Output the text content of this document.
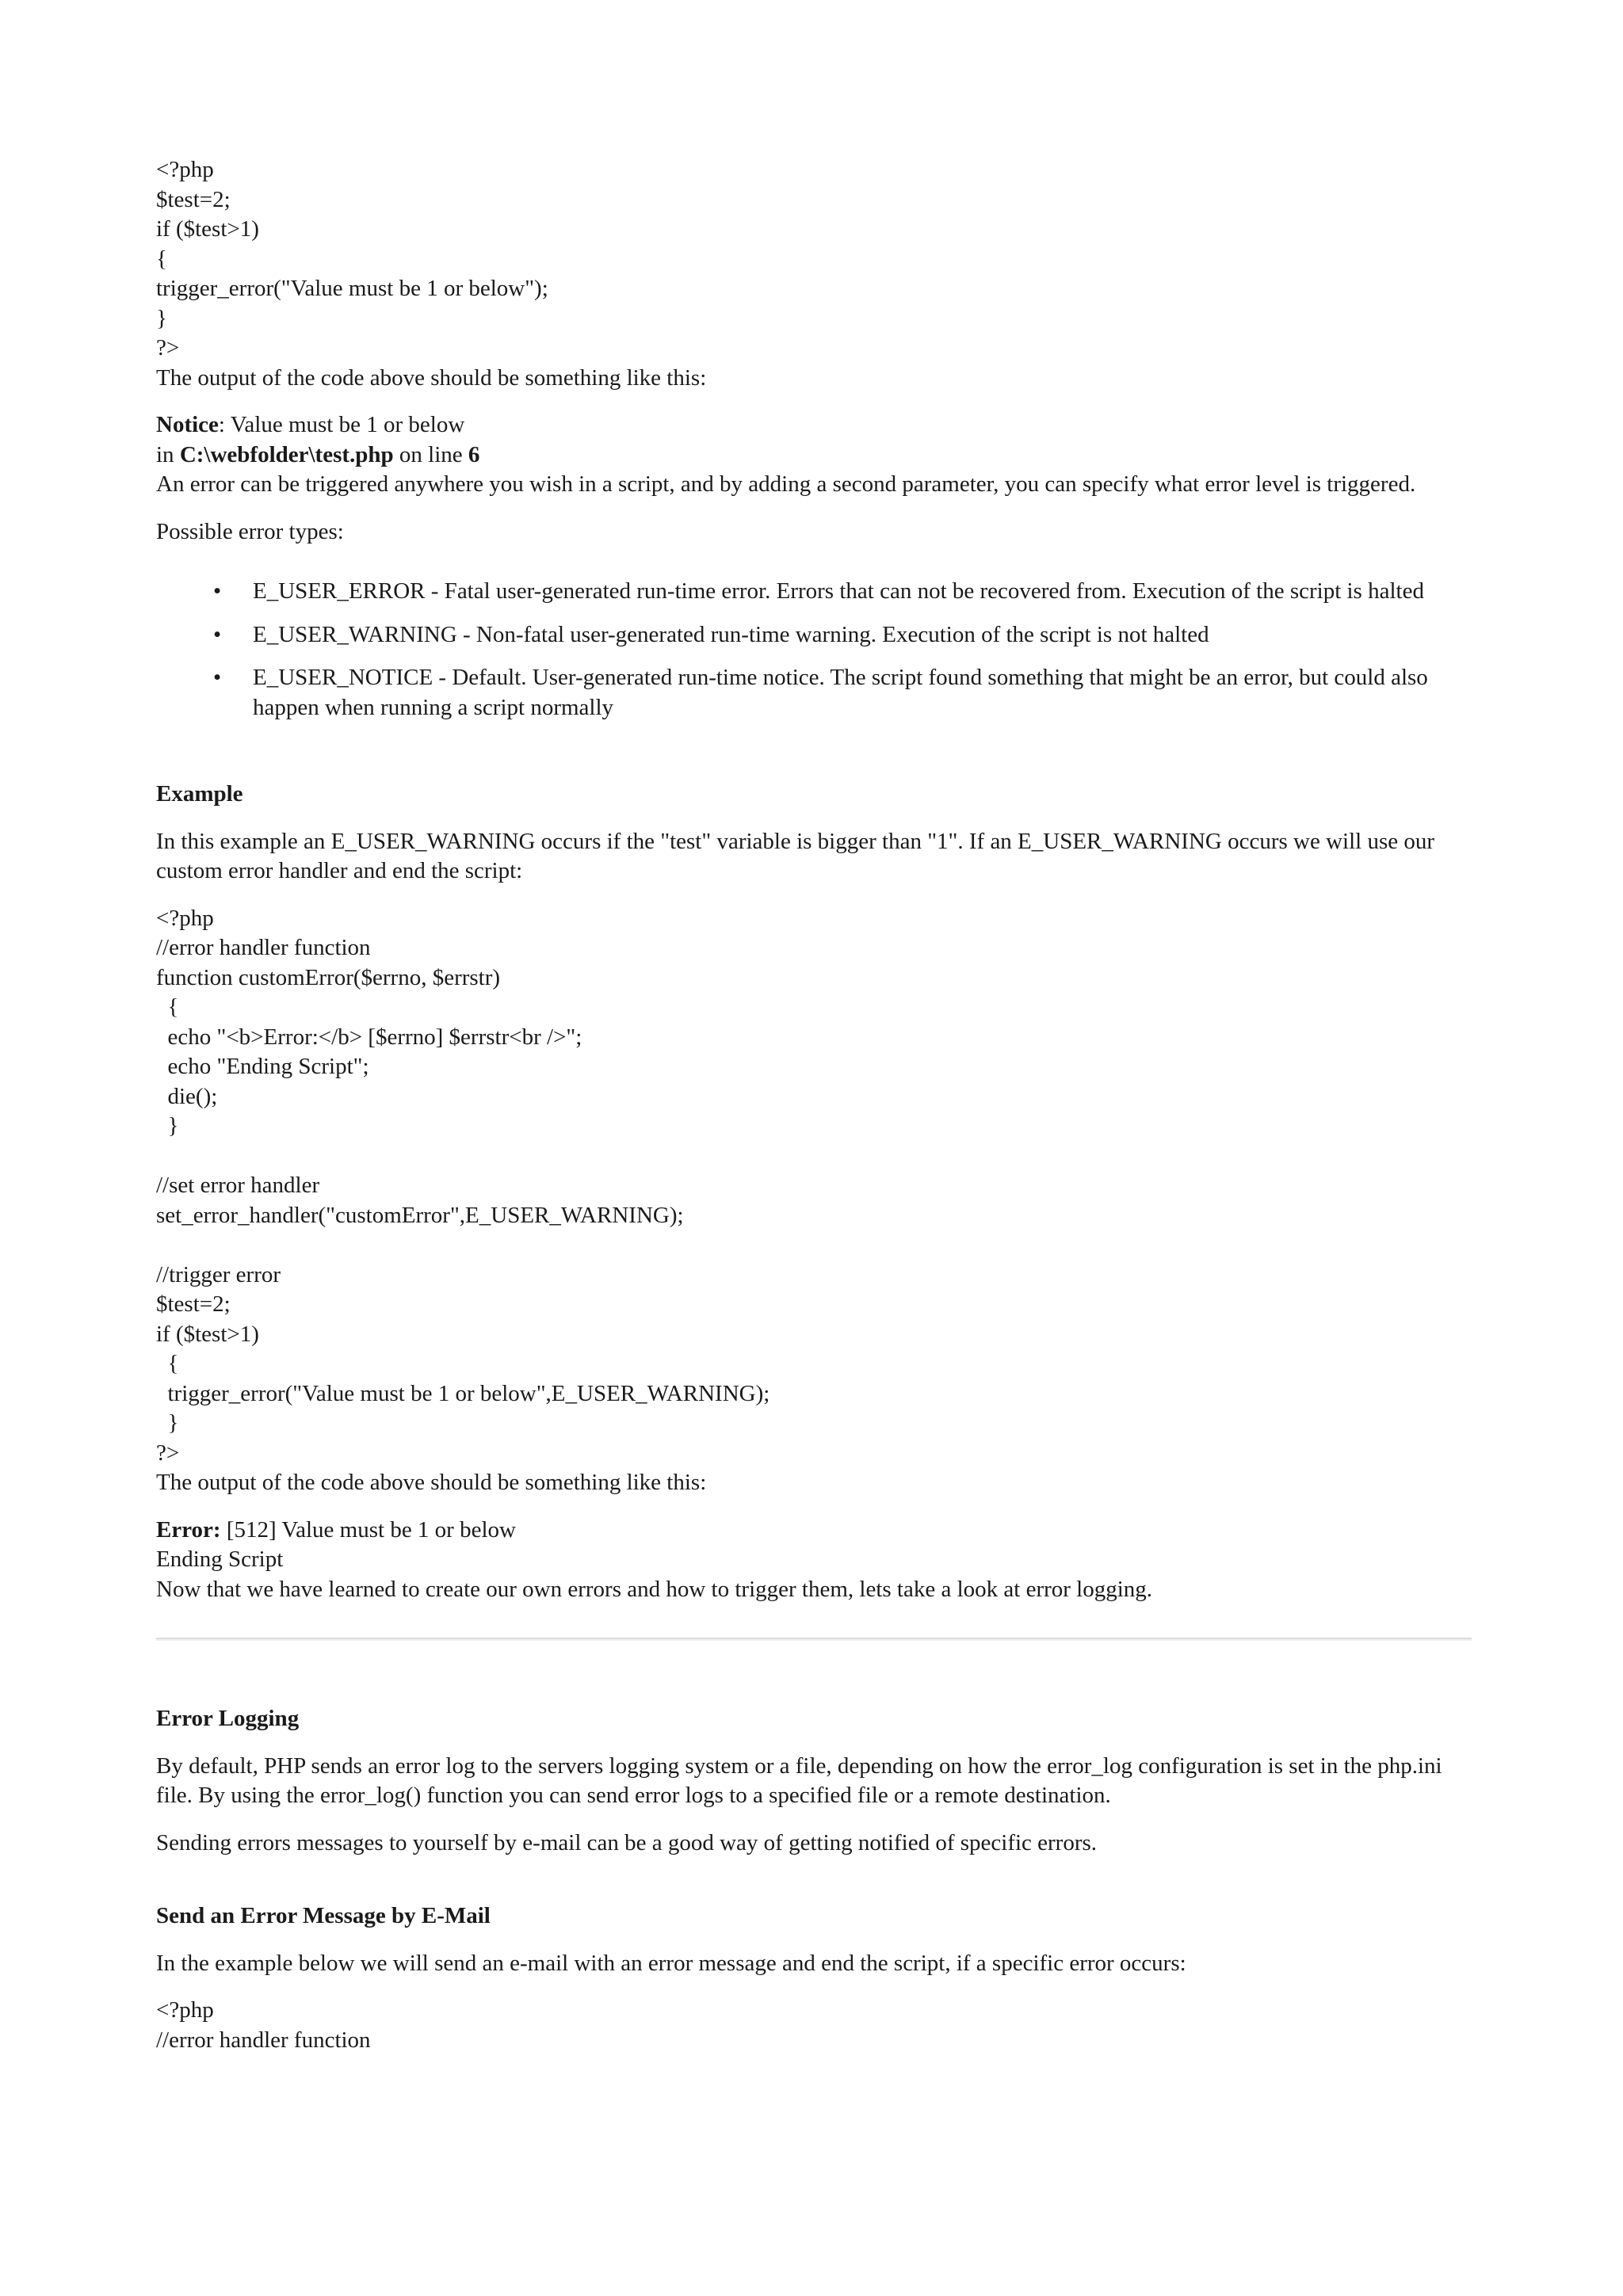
<?php
$test=2;
if ($test>1)
{
trigger_error("Value must be 1 or below");
}
?>
The output of the code above should be something like this:
Notice: Value must be 1 or below
in C:\webfolder\test.php on line 6
An error can be triggered anywhere you wish in a script, and by adding a second parameter, you can specify what error level is triggered.
Possible error types:
• E_USER_ERROR - Fatal user-generated run-time error. Errors that can not be recovered from. Execution of the script is halted
• E_USER_WARNING - Non-fatal user-generated run-time warning. Execution of the script is not halted
• E_USER_NOTICE - Default. User-generated run-time notice. The script found something that might be an error, but could also happen when running a script normally
Example
In this example an E_USER_WARNING occurs if the "test" variable is bigger than "1". If an E_USER_WARNING occurs we will use our custom error handler and end the script:
<?php
//error handler function
function customError($errno, $errstr)
{
echo "<b>Error:</b> [$errno] $errstr<br />";
echo "Ending Script";
die();
}

//set error handler
set_error_handler("customError",E_USER_WARNING);

//trigger error
$test=2;
if ($test>1)
{
trigger_error("Value must be 1 or below",E_USER_WARNING);
}
?>
The output of the code above should be something like this:
Error: [512] Value must be 1 or below
Ending Script
Now that we have learned to create our own errors and how to trigger them, lets take a look at error logging.
Error Logging
By default, PHP sends an error log to the servers logging system or a file, depending on how the error_log configuration is set in the php.ini file. By using the error_log() function you can send error logs to a specified file or a remote destination.
Sending errors messages to yourself by e-mail can be a good way of getting notified of specific errors.
Send an Error Message by E-Mail
In the example below we will send an e-mail with an error message and end the script, if a specific error occurs:
<?php
//error handler function
